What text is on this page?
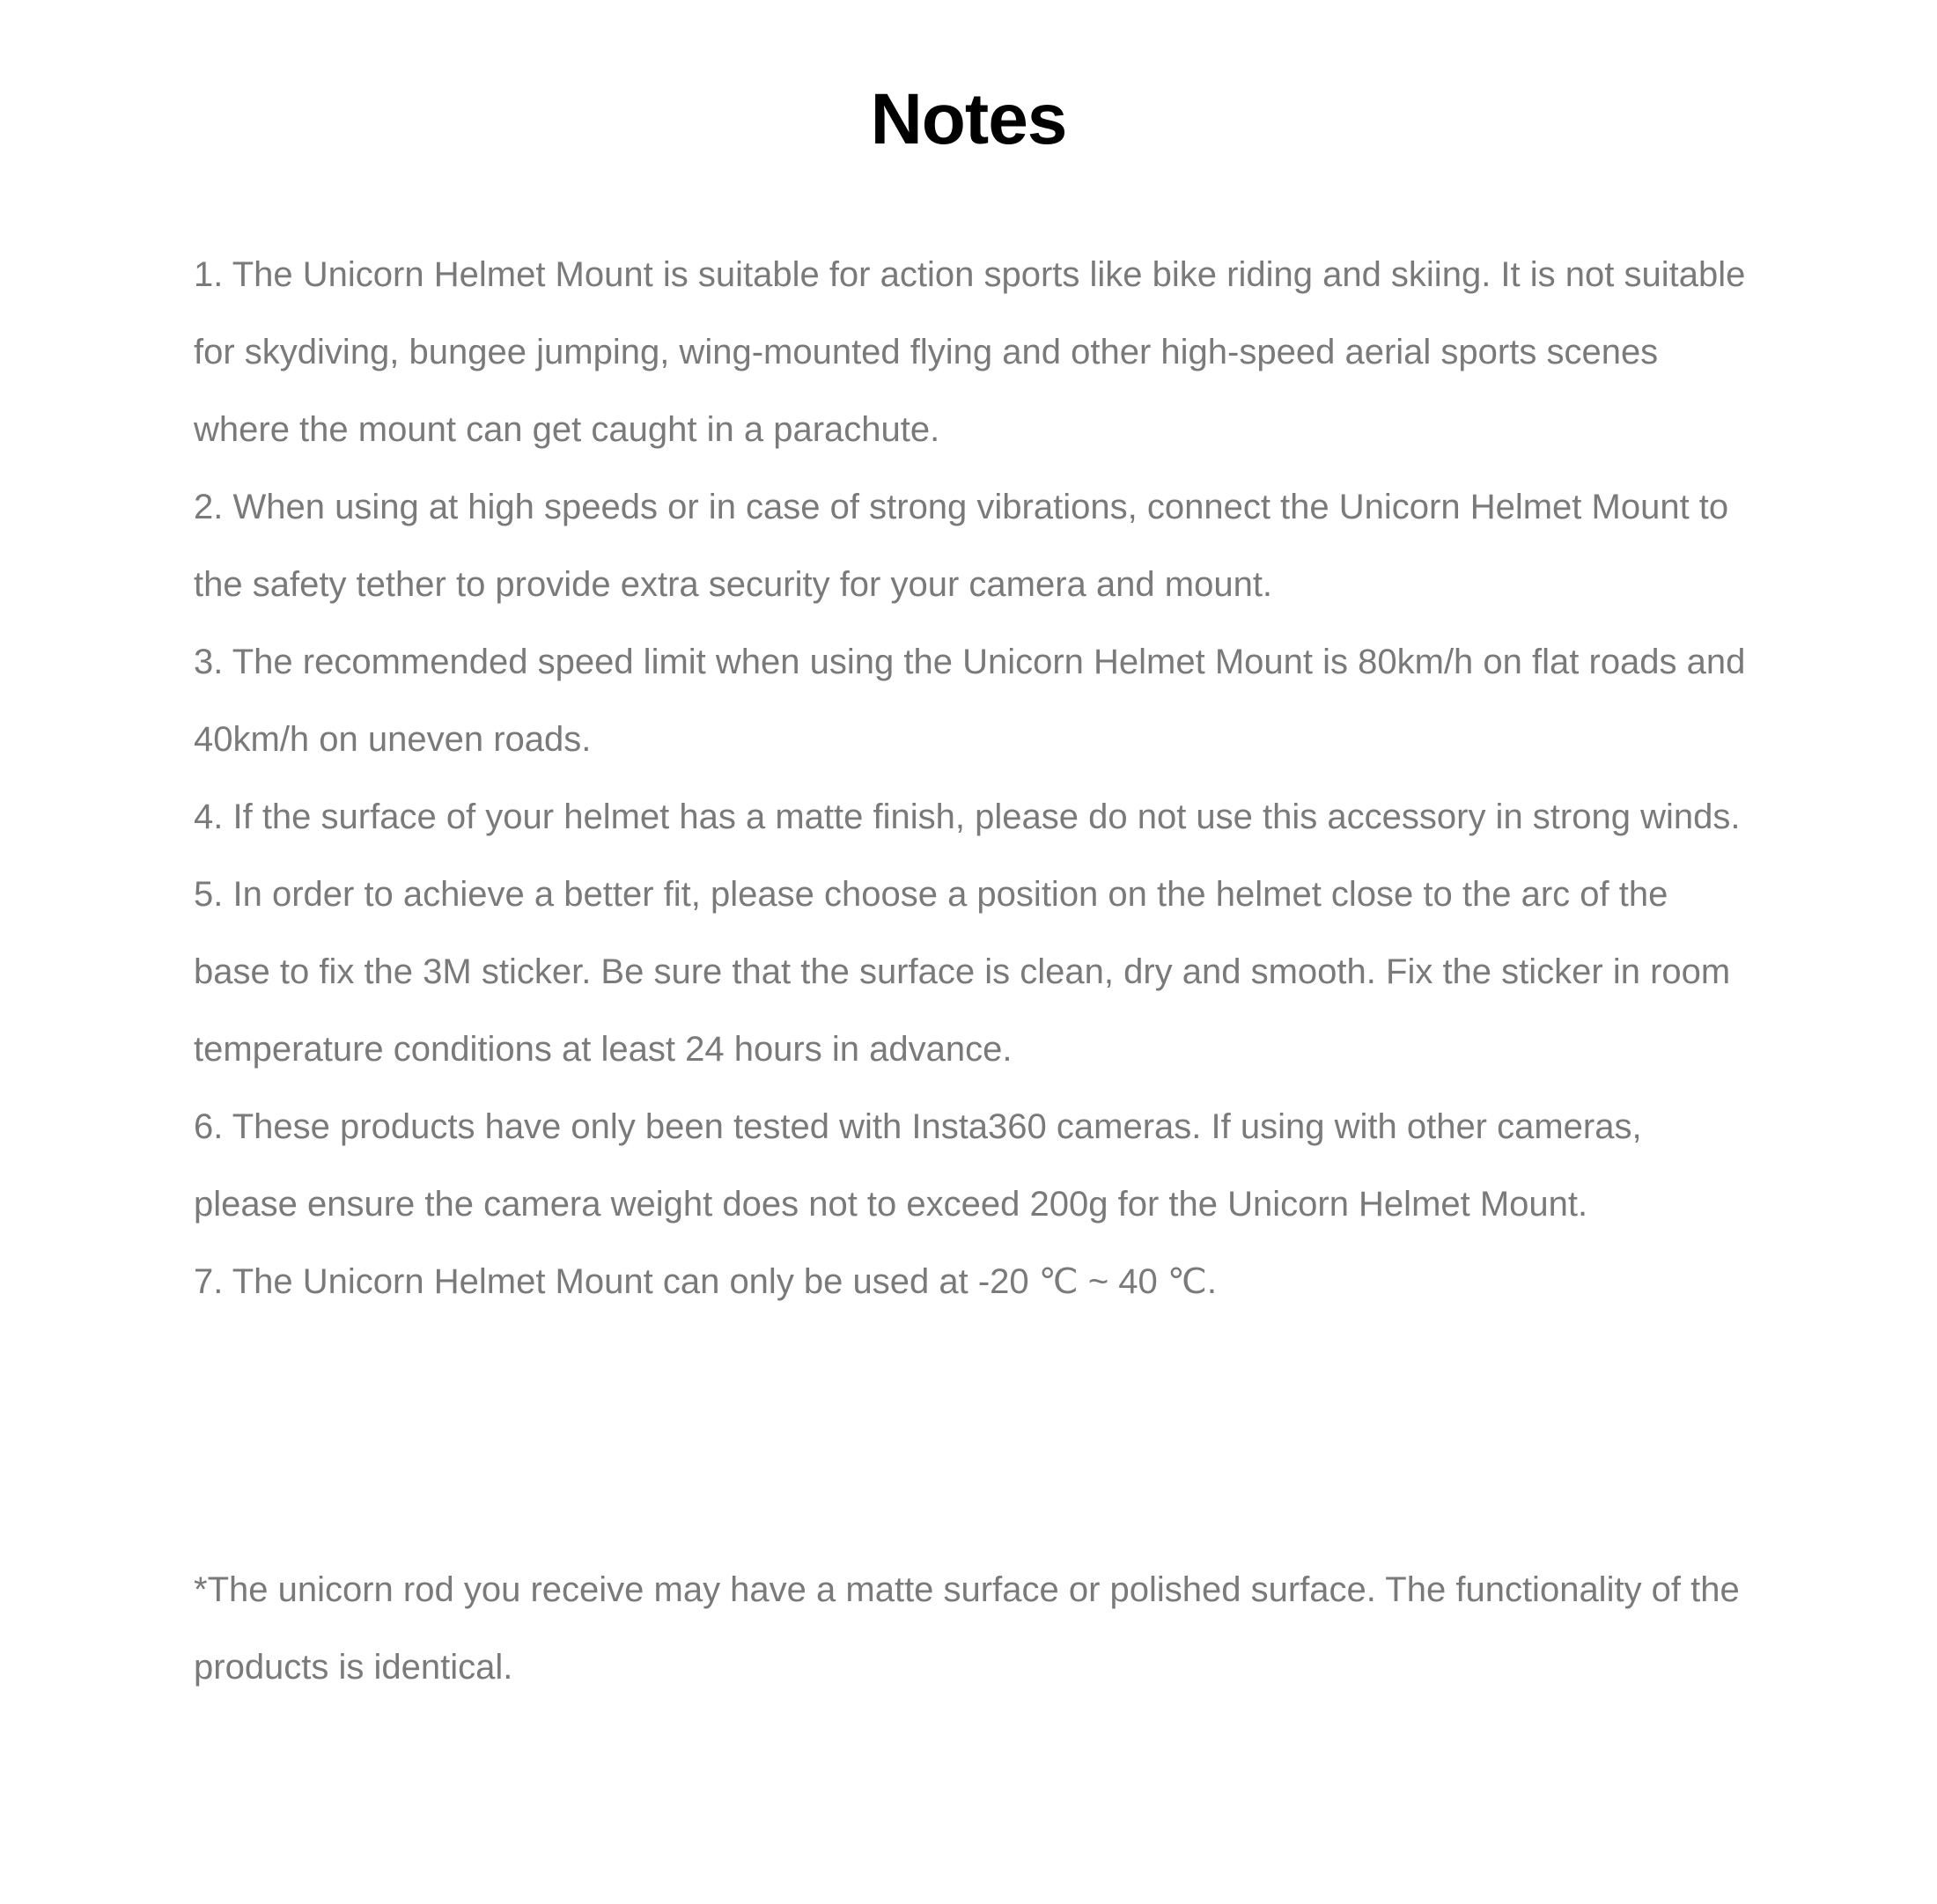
Notes
1. The Unicorn Helmet Mount is suitable for action sports like bike riding and skiing. It is not suitable for skydiving, bungee jumping, wing-mounted flying and other high-speed aerial sports scenes where the mount can get caught in a parachute.
2. When using at high speeds or in case of strong vibrations, connect the Unicorn Helmet Mount to the safety tether to provide extra security for your camera and mount.
3. The recommended speed limit when using the Unicorn Helmet Mount is 80km/h on flat roads and 40km/h on uneven roads.
4. If the surface of your helmet has a matte finish, please do not use this accessory in strong winds.
5. In order to achieve a better fit, please choose a position on the helmet close to the arc of the base to fix the 3M sticker. Be sure that the surface is clean, dry and smooth. Fix the sticker in room temperature conditions at least 24 hours in advance.
6. These products have only been tested with Insta360 cameras. If using with other cameras, please ensure the camera weight does not to exceed 200g for the Unicorn Helmet Mount.
7. The Unicorn Helmet Mount can only be used at -20 ℃ ~ 40 ℃.

*The unicorn rod you receive may have a matte surface or polished surface. The functionality of the products is identical.
